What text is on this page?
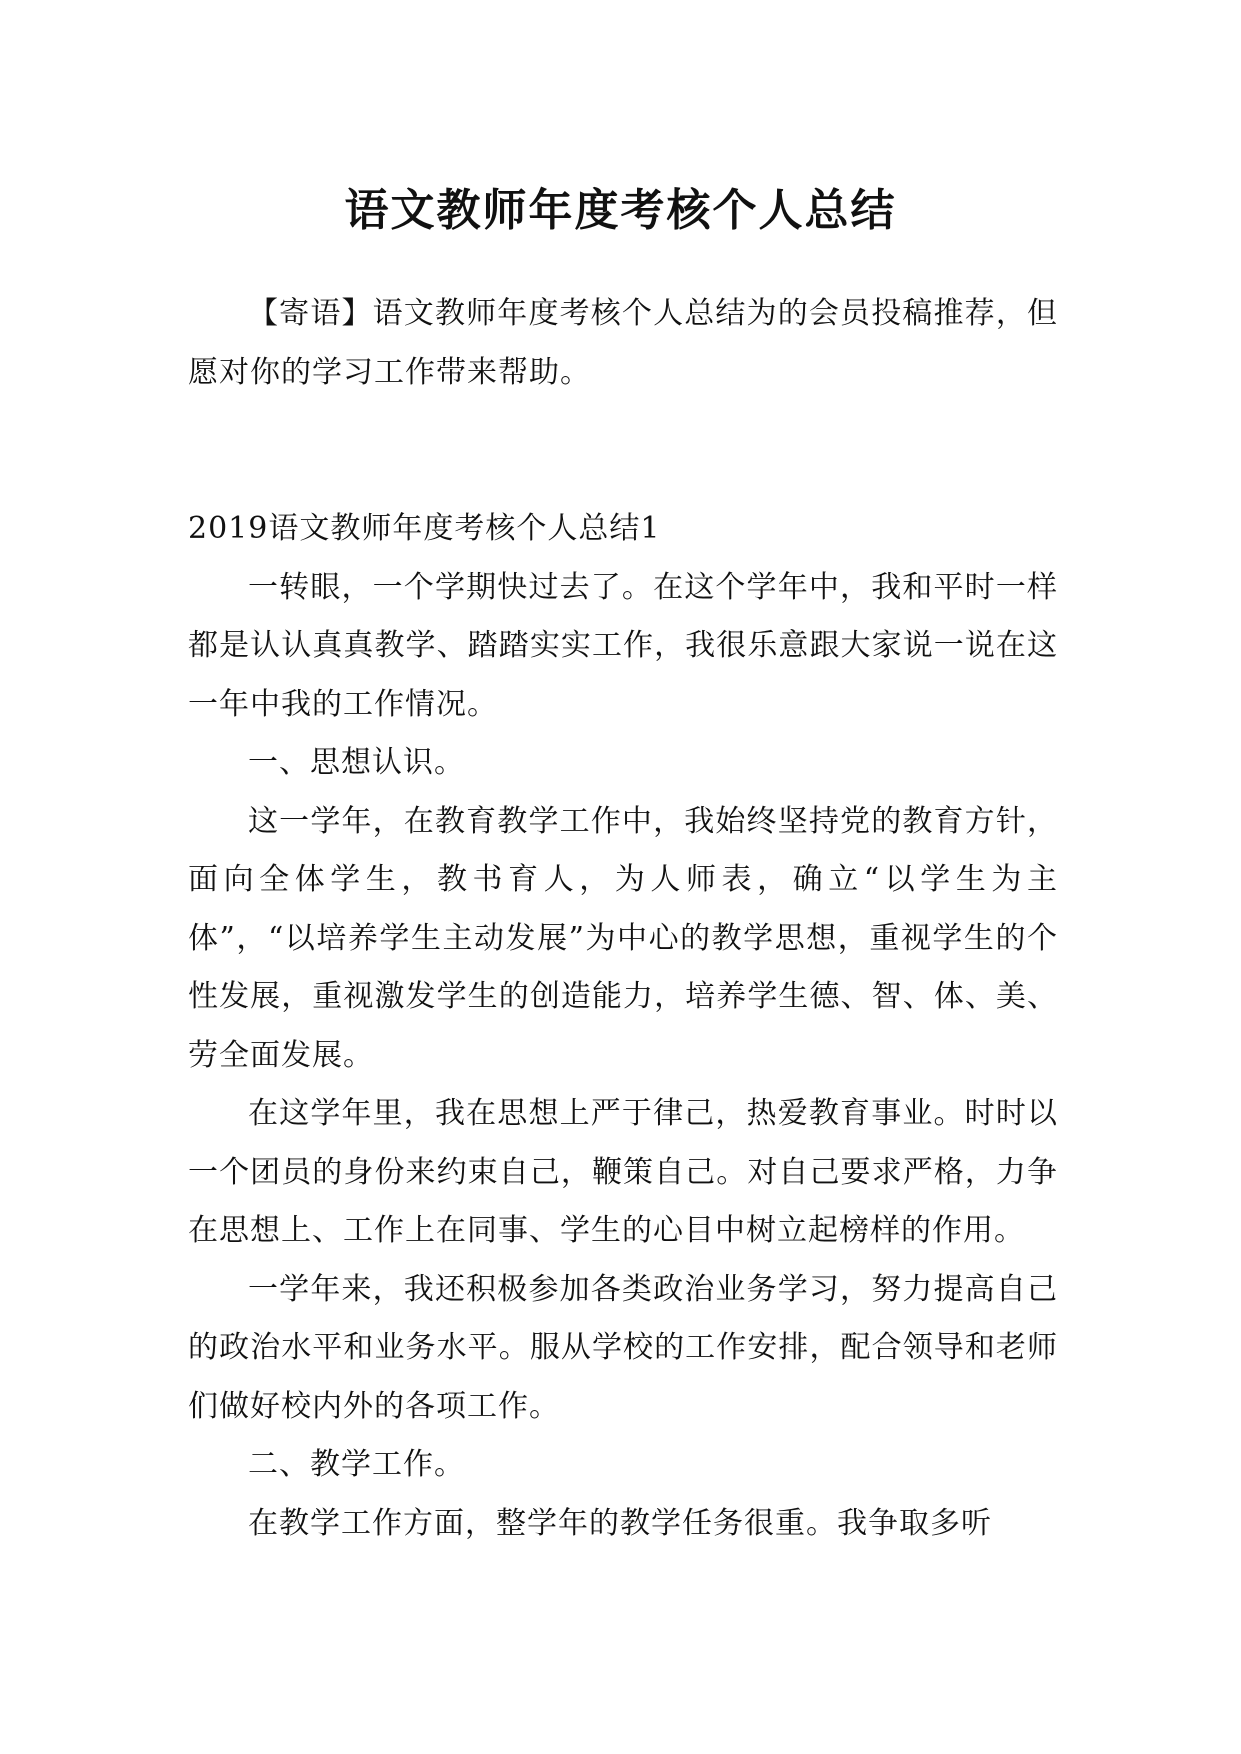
语文教师年度考核个人总结

【寄语】语文教师年度考核个人总结为的会员投稿推荐，但愿对你的学习工作带来帮助。

2019语文教师年度考核个人总结1

一转眼，一个学期快过去了。在这个学年中，我和平时一样都是认认真真教学、踏踏实实工作，我很乐意跟大家说一说在这一年中我的工作情况。

一、思想认识。

这一学年，在教育教学工作中，我始终坚持党的教育方针，面向全体学生，教书育人，为人师表，确立“以学生为主体”，“以培养学生主动发展”为中心的教学思想，重视学生的个性发展，重视激发学生的创造能力，培养学生德、智、体、美、劳全面发展。

在这学年里，我在思想上严于律己，热爱教育事业。时时以一个团员的身份来约束自己，鞭策自己。对自己要求严格，力争在思想上、工作上在同事、学生的心目中树立起榜样的作用。

一学年来，我还积极参加各类政治业务学习，努力提高自己的政治水平和业务水平。服从学校的工作安排，配合领导和老师们做好校内外的各项工作。

二、教学工作。

在教学工作方面，整学年的教学任务很重。我争取多听
